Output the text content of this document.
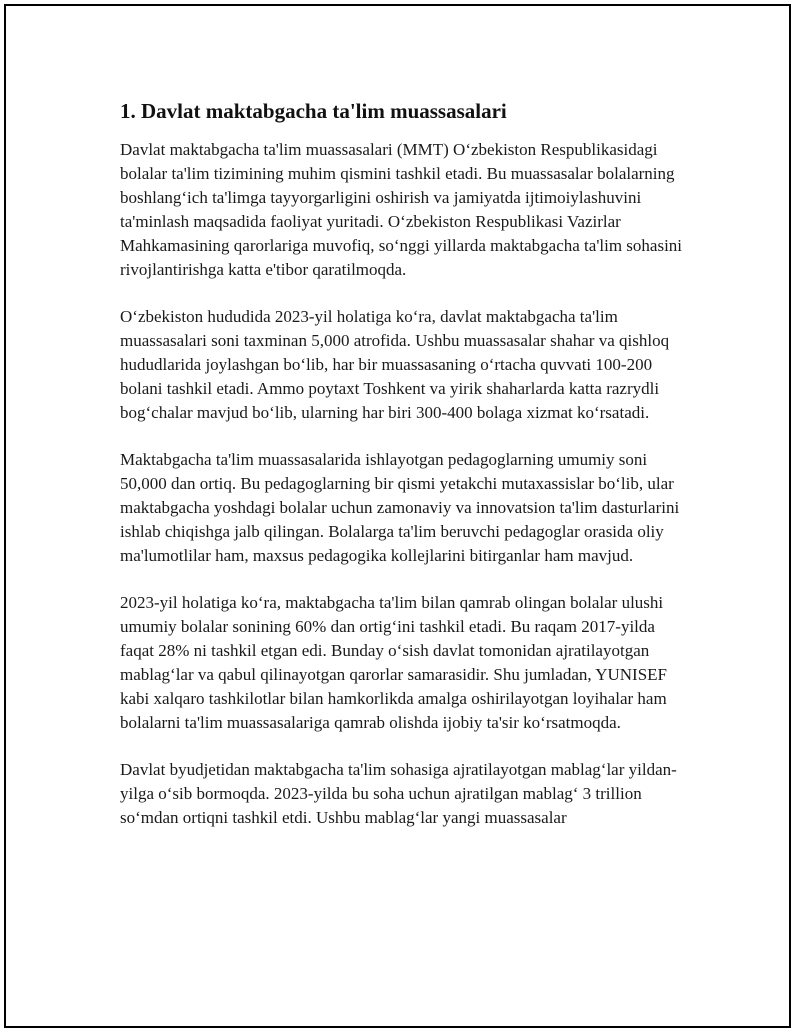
1. Davlat maktabgacha ta'lim muassasalari

Davlat maktabgacha ta'lim muassasalari (MMT) O‘zbekiston Respublikasidagi bolalar ta'lim tizimining muhim qismini tashkil etadi. Bu muassasalar bolalarning boshlang‘ich ta'limga tayyorgarligini oshirish va jamiyatda ijtimoiylashuvini ta'minlash maqsadida faoliyat yuritadi. O‘zbekiston Respublikasi Vazirlar Mahkamasining qarorlariga muvofiq, so‘nggi yillarda maktabgacha ta'lim sohasini rivojlantirishga katta e'tibor qaratilmoqda.

O‘zbekiston hududida 2023-yil holatiga ko‘ra, davlat maktabgacha ta'lim muassasalari soni taxminan 5,000 atrofida. Ushbu muassasalar shahar va qishloq hududlarida joylashgan bo‘lib, har bir muassasaning o‘rtacha quvvati 100-200 bolani tashkil etadi. Ammo poytaxt Toshkent va yirik shaharlarda katta razrydli bog‘chalar mavjud bo‘lib, ularning har biri 300-400 bolaga xizmat ko‘rsatadi.

Maktabgacha ta'lim muassasalarida ishlayotgan pedagoglarning umumiy soni 50,000 dan ortiq. Bu pedagoglarning bir qismi yetakchi mutaxassislar bo‘lib, ular maktabgacha yoshdagi bolalar uchun zamonaviy va innovatsion ta'lim dasturlarini ishlab chiqishga jalb qilingan. Bolalarga ta'lim beruvchi pedagoglar orasida oliy ma'lumotlilar ham, maxsus pedagogika kollejlarini bitirganlar ham mavjud.

2023-yil holatiga ko‘ra, maktabgacha ta'lim bilan qamrab olingan bolalar ulushi umumiy bolalar sonining 60% dan ortig‘ini tashkil etadi. Bu raqam 2017-yilda faqat 28% ni tashkil etgan edi. Bunday o‘sish davlat tomonidan ajratilayotgan mablag‘lar va qabul qilinayotgan qarorlar samarasidir. Shu jumladan, YUNISEF kabi xalqaro tashkilotlar bilan hamkorlikda amalga oshirilayotgan loyihalar ham bolalarni ta'lim muassasalariga qamrab olishda ijobiy ta'sir ko‘rsatmoqda.

Davlat byudjetidan maktabgacha ta'lim sohasiga ajratilayotgan mablag‘lar yildan-yilga o‘sib bormoqda. 2023-yilda bu soha uchun ajratilgan mablag‘ 3 trillion so‘mdan ortiqni tashkil etdi. Ushbu mablag‘lar yangi muassasalar
